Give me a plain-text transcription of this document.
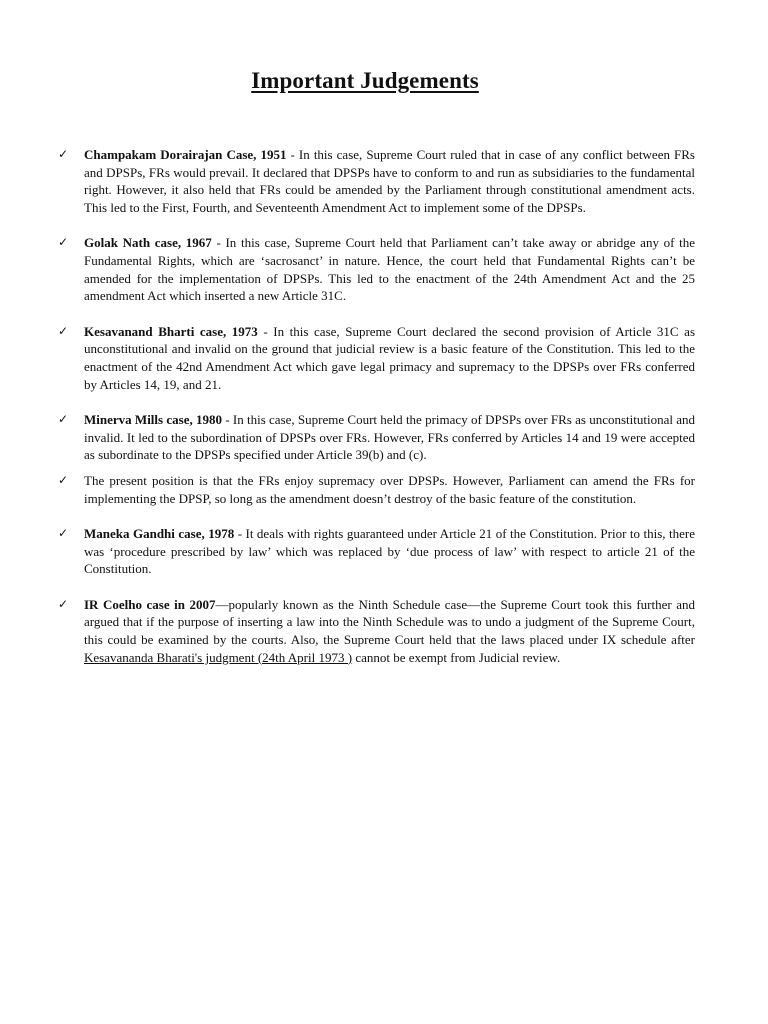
Important Judgements
✓ Champakam Dorairajan Case, 1951 - In this case, Supreme Court ruled that in case of any conflict between FRs and DPSPs, FRs would prevail. It declared that DPSPs have to conform to and run as subsidiaries to the fundamental right. However, it also held that FRs could be amended by the Parliament through constitutional amendment acts. This led to the First, Fourth, and Seventeenth Amendment Act to implement some of the DPSPs.
✓ Golak Nath case, 1967 - In this case, Supreme Court held that Parliament can’t take away or abridge any of the Fundamental Rights, which are ‘sacrosanct’ in nature. Hence, the court held that Fundamental Rights can’t be amended for the implementation of DPSPs. This led to the enactment of the 24th Amendment Act and the 25 amendment Act which inserted a new Article 31C.
✓ Kesavanand Bharti case, 1973 - In this case, Supreme Court declared the second provision of Article 31C as unconstitutional and invalid on the ground that judicial review is a basic feature of the Constitution. This led to the enactment of the 42nd Amendment Act which gave legal primacy and supremacy to the DPSPs over FRs conferred by Articles 14, 19, and 21.
✓ Minerva Mills case, 1980 - In this case, Supreme Court held the primacy of DPSPs over FRs as unconstitutional and invalid. It led to the subordination of DPSPs over FRs. However, FRs conferred by Articles 14 and 19 were accepted as subordinate to the DPSPs specified under Article 39(b) and (c).
✓ The present position is that the FRs enjoy supremacy over DPSPs. However, Parliament can amend the FRs for implementing the DPSP, so long as the amendment doesn’t destroy of the basic feature of the constitution.
✓ Maneka Gandhi case, 1978 - It deals with rights guaranteed under Article 21 of the Constitution. Prior to this, there was ‘procedure prescribed by law’ which was replaced by ‘due process of law’ with respect to article 21 of the Constitution.
✓ IR Coelho case in 2007—popularly known as the Ninth Schedule case—the Supreme Court took this further and argued that if the purpose of inserting a law into the Ninth Schedule was to undo a judgment of the Supreme Court, this could be examined by the courts. Also, the Supreme Court held that the laws placed under IX schedule after Kesavananda Bharati's judgment (24th April 1973 ) cannot be exempt from Judicial review.
